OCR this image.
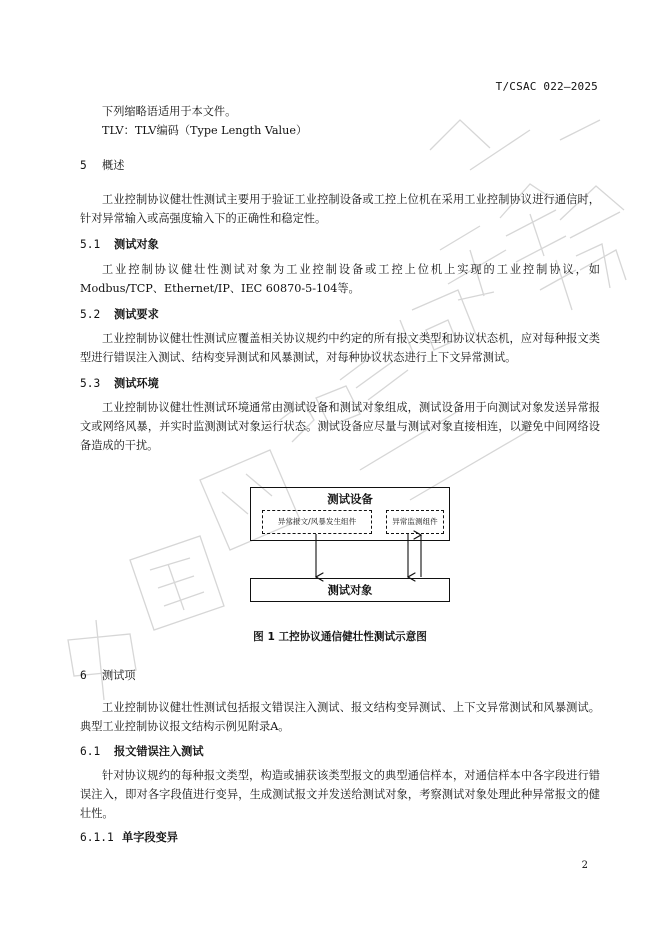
T/CSAC 022—2025
下列缩略语适用于本文件。
TLV：TLV编码（Type Length Value）
5 概述

工业控制协议健壮性测试主要用于验证工业控制设备或工控上位机在采用工业控制协议进行通信时，针对异常输入或高强度输入下的正确性和稳定性。

5.1 测试对象

工业控制协议健壮性测试对象为工业控制设备或工控上位机上实现的工业控制协议，如Modbus/TCP、Ethernet/IP、IEC 60870-5-104等。

5.2 测试要求

工业控制协议健壮性测试应覆盖相关协议规约中约定的所有报文类型和协议状态机，应对每种报文类型进行错误注入测试、结构变异测试和风暴测试，对每种协议状态进行上下文异常测试。

5.3 测试环境

工业控制协议健壮性测试环境通常由测试设备和测试对象组成，测试设备用于向测试对象发送异常报文或网络风暴，并实时监测测试对象运行状态。测试设备应尽量与测试对象直接相连，以避免中间网络设备造成的干扰。

测试设备
异常报文/风暴发生组件	异常监测组件
测试对象
图 1 工控协议通信健壮性测试示意图
6 测试项

工业控制协议健壮性测试包括报文错误注入测试、报文结构变异测试、上下文异常测试和风暴测试。典型工业控制协议报文结构示例见附录A。

6.1 报文错误注入测试

针对协议规约的每种报文类型，构造或捕获该类型报文的典型通信样本，对通信样本中各字段进行错误注入，即对各字段值进行变异，生成测试报文并发送给测试对象，考察测试对象处理此种异常报文的健壮性。

6.1.1 单字段变异
2
